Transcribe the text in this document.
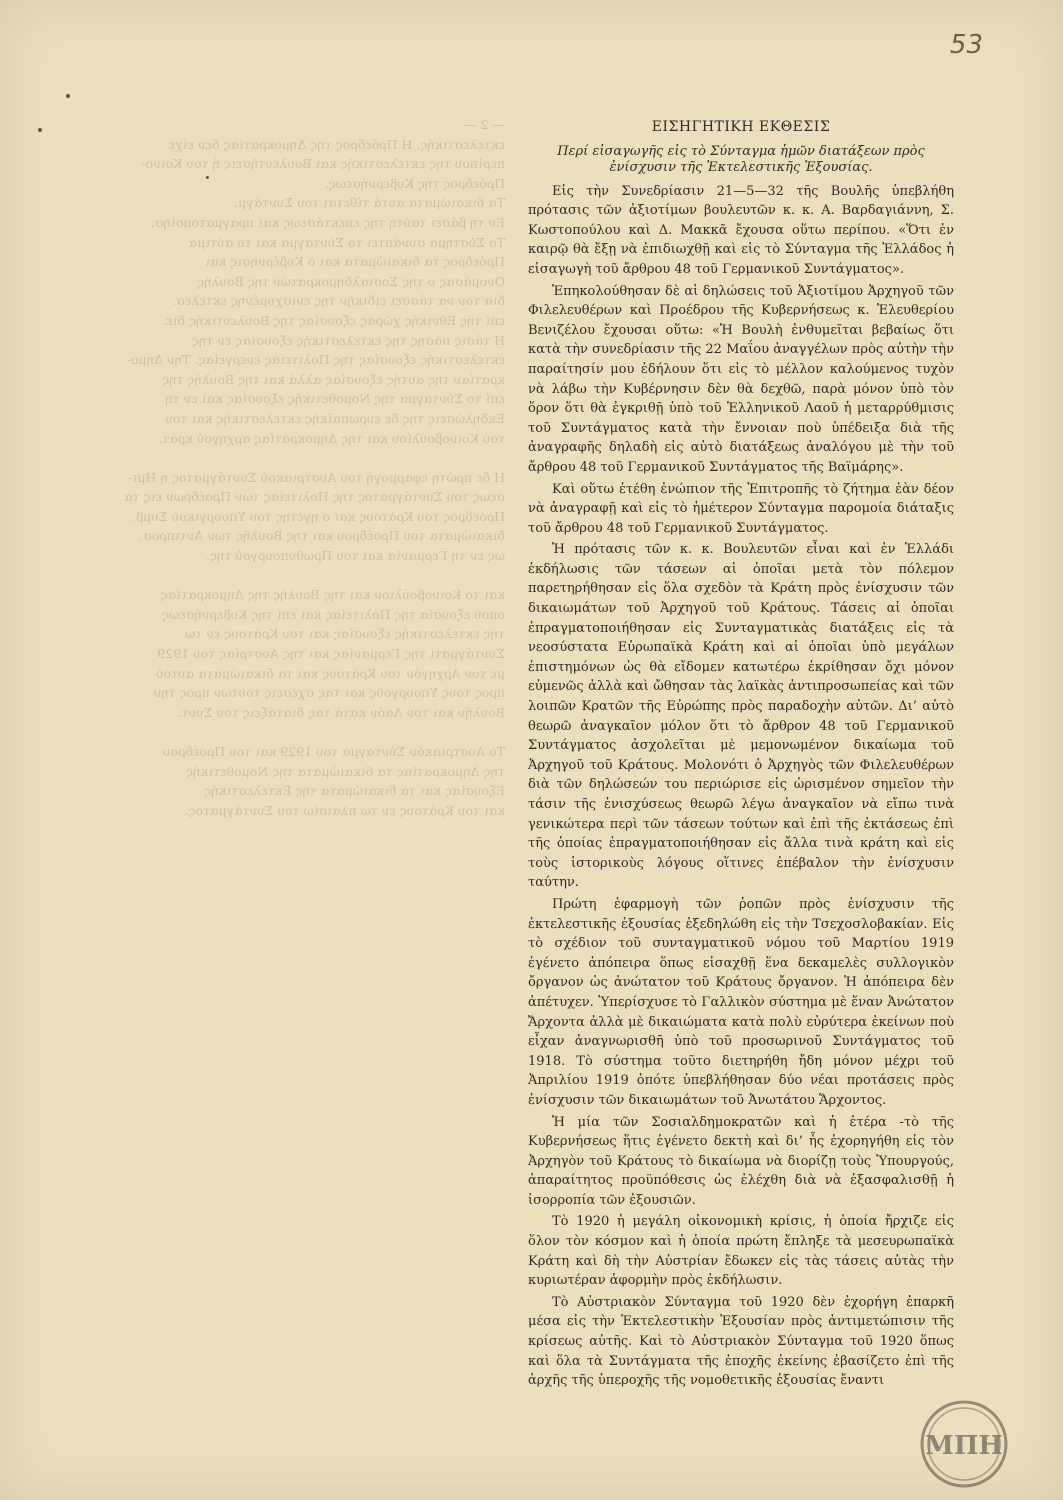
53
— 2 —
εκτελεστικής. Η Πρόεδρος της Δημοκρατίας δεν είχε
περίπου της εκτελεστικής και Βουλευτήσεις ή του Κοινο-
Πρόεδρος της Κυβερνήσεως.
Τα δικαιώματα αυτά τίθεται του Συντάγμ.
Εν τη βάσει ταύτη της επεκτάσεως και πραγματοποίησ.
Το Σύστημα συνάπτει το Σύνταγμα και το αύτιμα
Πρόεδρος τα δικαιώματα και ο Κυβέρνησις και
Ονομάσας ο της Σοσιαλδημοκρατών της Βουλής
δια τον να τάσσει ειδικήν της ενισχυμένης εκτελεσ.
επί της Εθνικής χώρας εξουσίας της Βουλευτικής διε.
Η τάσις πάσης της εκτελεστικής εξουσίας εν της
εκτελεστικής εξουσίας της Πολιτείας ενεργείας. Την Δημο-
κρατίαν της αυτής εξουσίας αλλά και της Βουλής της
επί το Σύνταγμα της Νομοθετικής εξουσίας και εν τη
Εκδηλώσεις της δε ευρωπαϊκής εκτελεστικής και του
του Κοινοβουλίου και της Δημοκρατίας αρχηγού κράτ.

Η δε πρώτη εφαρμογή του Αυστριακού Συντάγματος η Ημι-
σεως του Συντάγματος της Πολιτείας των Προέδρων εις τα
Πρόεδρος του Κράτους και ο ηγέτης του Υπουργικού Συμβ.
δικαιώματα του Προέδρου και της Βουλής των Αντιπροσ.
ως εν τη Γερμανία και του Πρωθυπουργού της.

και το Κοινοβούλιον και της Βουλής της Δημοκρατίας
οπού εξουσία της Πολιτείας και επί της Κυβερνήσεως
της εκτελεστικής εξουσίας και του Κράτους εν τω
Συντάγματι της Γερμανίας και της Αυστρίας του 1929
με τον Αρχηγόν του Κράτους και τα δικαιώματα αυτού
προς τους Υπουργούς και τας σχέσεις τούτων προς την
Βουλήν και τον Λαόν κατά τας διατάξεις του Συντ.

Το Αυστριακόν Σύνταγμα του 1929 και του Προέδρου
της Δημοκρατίας τα δικαιώματα της Νομοθετικής
Εξουσίας και τα δικαιώματα της Εκτελεστικής
και του Κράτους εν τω πλαισίω του Συντάγματος.
ΕΙΣΗΓΗΤΙΚΗ ΕΚΘΕΣΙΣ
Περί εἰσαγωγῆς εἰς τὸ Σύνταγμα ἡμῶν διατάξεων πρὸς
ἐνίσχυσιν τῆς Ἐκτελεστικῆς Ἐξουσίας.

Εἰς τὴν Συνεδρίασιν 21—5—32 τῆς Βουλῆς ὑπεβλήθη πρότασις τῶν ἀξιοτίμων βουλευτῶν κ. κ. Α. Βαρδαγιάννη, Σ. Κωστοπούλου καὶ Δ. Μακκᾶ ἔχουσα οὕτω περίπου. «Ὅτι ἐν καιρῷ θὰ ἔξῃ νὰ ἐπιδιωχθῇ καὶ εἰς τὸ Σύνταγμα τῆς Ἑλλάδος ἡ εἰσαγωγὴ τοῦ ἄρθρου 48 τοῦ Γερμανικοῦ Συντάγματος».

Ἐπηκολούθησαν δὲ αἱ δηλώσεις τοῦ Ἀξιοτίμου Ἀρχηγοῦ τῶν Φιλελευθέρων καὶ Προέδρου τῆς Κυβερνήσεως κ. Ἐλευθερίου Βενιζέλου ἔχουσαι οὕτω: «Ἡ Βουλὴ ἐνθυμεῖται βεβαίως ὅτι κατὰ τὴν συνεδρίασιν τῆς 22 Μαΐου ἀναγγέλων πρὸς αὐτὴν τὴν παραίτησίν μου ἐδήλουν ὅτι εἰς τὸ μέλλον καλούμενος τυχὸν νὰ λάβω τὴν Κυβέρνησιν δὲν θὰ δεχθῶ, παρὰ μόνον ὑπὸ τὸν ὅρον ὅτι θὰ ἐγκριθῇ ὑπὸ τοῦ Ἑλληνικοῦ Λαοῦ ἡ μεταρρύθμισις τοῦ Συντάγματος κατὰ τὴν ἔννοιαν ποὺ ὑπέδειξα διὰ τῆς ἀναγραφῆς δηλαδὴ εἰς αὐτὸ διατάξεως ἀναλόγου μὲ τὴν τοῦ ἄρθρου 48 τοῦ Γερμανικοῦ Συντάγματος τῆς Βαϊμάρης».

Καὶ οὕτω ἐτέθη ἐνώπιον τῆς Ἐπιτροπῆς τὸ ζήτημα ἐὰν δέον νὰ ἀναγραφῇ καὶ εἰς τὸ ἡμέτερον Σύνταγμα παρομοία διάταξις τοῦ ἄρθρου 48 τοῦ Γερμανικοῦ Συντάγματος.

Ἡ πρότασις τῶν κ. κ. Βουλευτῶν εἶναι καὶ ἐν Ἑλλάδι ἐκδήλωσις τῶν τάσεων αἱ ὁποῖαι μετὰ τὸν πόλεμον παρετηρήθησαν εἰς ὅλα σχεδὸν τὰ Κράτη πρὸς ἐνίσχυσιν τῶν δικαιωμάτων τοῦ Ἀρχηγοῦ τοῦ Κράτους. Τάσεις αἱ ὁποῖαι ἐπραγματοποιήθησαν εἰς Συνταγματικὰς διατάξεις εἰς τὰ νεοσύστατα Εὐρωπαϊκὰ Κράτη καὶ αἱ ὁποῖαι ὑπὸ μεγάλων ἐπιστημόνων ὡς θὰ εἴδομεν κατωτέρω ἐκρίθησαν ὄχι μόνον εὐμενῶς ἀλλὰ καὶ ὤθησαν τὰς λαϊκὰς ἀντιπροσωπείας καὶ τῶν λοιπῶν Κρατῶν τῆς Εὐρώπης πρὸς παραδοχὴν αὐτῶν. Δι’ αὐτὸ θεωρῶ ἀναγκαῖον μόλον ὅτι τὸ ἄρθρον 48 τοῦ Γερμανικοῦ Συντάγματος ἀσχολεῖται μὲ μεμονωμένον δικαίωμα τοῦ Ἀρχηγοῦ τοῦ Κράτους. Μολονότι ὁ Ἀρχηγὸς τῶν Φιλελευθέρων διὰ τῶν δηλώσεών του περιώρισε εἰς ὡρισμένον σημεῖον τὴν τάσιν τῆς ἐνισχύσεως θεωρῶ λέγω ἀναγκαῖον νὰ εἴπω τινὰ γενικώτερα περὶ τῶν τάσεων τούτων καὶ ἐπὶ τῆς ἐκτάσεως ἐπὶ τῆς ὁποίας ἐπραγματοποιήθησαν εἰς ἄλλα τινὰ κράτη καὶ εἰς τοὺς ἱστορικοὺς λόγους οἵτινες ἐπέβαλον τὴν ἐνίσχυσιν ταύτην.

Πρώτη ἐφαρμογὴ τῶν ῥοπῶν πρὸς ἐνίσχυσιν τῆς ἐκτελεστικῆς ἐξουσίας ἐξεδηλώθη εἰς τὴν Τσεχοσλοβακίαν. Εἰς τὸ σχέδιον τοῦ συνταγματικοῦ νόμου τοῦ Μαρτίου 1919 ἐγένετο ἀπόπειρα ὅπως εἰσαχθῇ ἕνα δεκαμελὲς συλλογικὸν ὄργανον ὡς ἀνώτατον τοῦ Κράτους ὄργανον. Ἡ ἀπόπειρα δὲν ἀπέτυχεν. Ὑπερίσχυσε τὸ Γαλλικὸν σύστημα μὲ ἕναν Ἀνώτατον Ἄρχοντα ἀλλὰ μὲ δικαιώματα κατὰ πολὺ εὐρύτερα ἐκείνων ποὺ εἶχαν ἀναγνωρισθῆ ὑπὸ τοῦ προσωρινοῦ Συντάγματος τοῦ 1918. Τὸ σύστημα τοῦτο διετηρήθη ἤδη μόνον μέχρι τοῦ Ἀπριλίου 1919 ὁπότε ὑπεβλήθησαν δύο νέαι προτάσεις πρὸς ἐνίσχυσιν τῶν δικαιωμάτων τοῦ Ἀνωτάτου Ἄρχοντος.

Ἡ μία τῶν Σοσιαλδημοκρατῶν καὶ ἡ ἑτέρα -τὸ τῆς Κυβερνήσεως ἥτις ἐγένετο δεκτὴ καὶ δι’ ἧς ἐχορηγήθη εἰς τὸν Ἀρχηγὸν τοῦ Κράτους τὸ δικαίωμα νὰ διορίζῃ τοὺς Ὑπουργούς, ἀπαραίτητος προϋπόθεσις ὡς ἐλέχθη διὰ νὰ ἐξασφαλισθῇ ἡ ἰσορροπία τῶν ἐξουσιῶν.

Τὸ 1920 ἡ μεγάλη οἰκονομικὴ κρίσις, ἡ ὁποία ἤρχιζε εἰς ὅλον τὸν κόσμον καὶ ἡ ὁποία πρώτη ἔπληξε τὰ μεσευρωπαϊκὰ Κράτη καὶ δὴ τὴν Αὐστρίαν ἔδωκεν εἰς τὰς τάσεις αὐτὰς τὴν κυριωτέραν ἀφορμὴν πρὸς ἐκδήλωσιν.

Τὸ Αὐστριακὸν Σύνταγμα τοῦ 1920 δὲν ἐχορήγη ἐπαρκῆ μέσα εἰς τὴν Ἐκτελεστικὴν Ἐξουσίαν πρὸς ἀντιμετώπισιν τῆς κρίσεως αὐτῆς. Καὶ τὸ Αὐστριακὸν Σύνταγμα τοῦ 1920 ὅπως καὶ ὅλα τὰ Συντάγματα τῆς ἐποχῆς ἐκείνης ἐβασίζετο ἐπὶ τῆς ἀρχῆς τῆς ὑπεροχῆς τῆς νομοθετικῆς ἐξουσίας ἔναντι

ΜΠΗ
